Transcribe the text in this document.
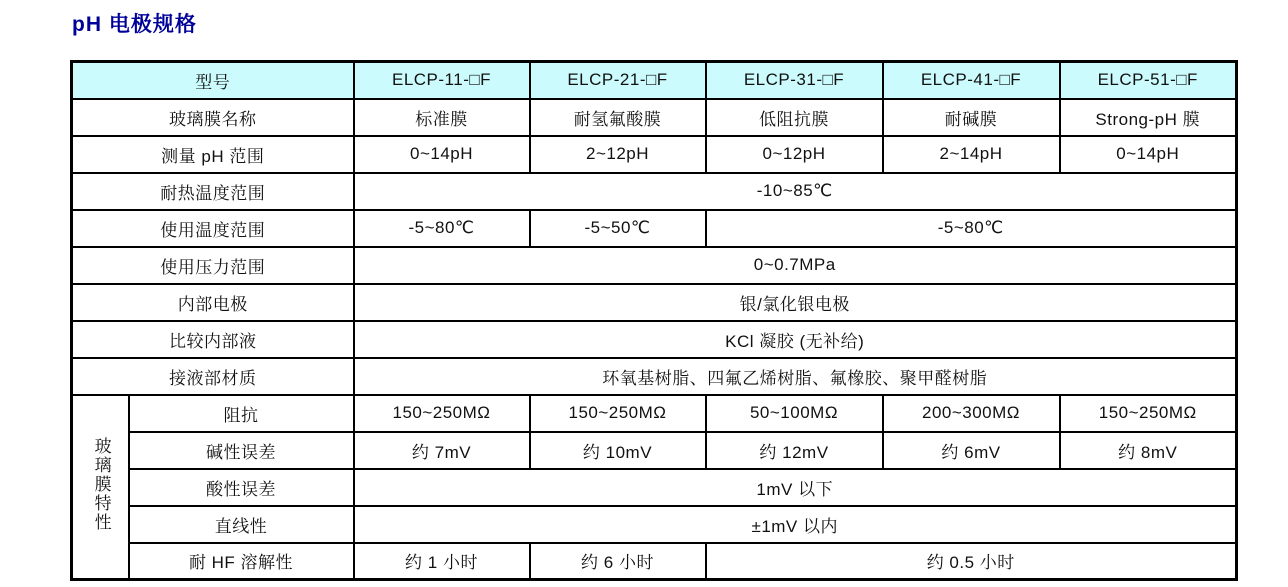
pH 电极规格
型号		ELCP-11-□F	ELCP-21-□F	ELCP-31-□F	ELCP-41-□F	ELCP-51-□F
玻璃膜名称		标准膜	耐氢氟酸膜	低阻抗膜	耐碱膜	Strong-pH 膜
测量 pH 范围		0~14pH	2~12pH	0~12pH	2~14pH	0~14pH
耐热温度范围		-10~85℃				
使用温度范围		-5~80℃	-5~50℃	-5~80℃		
使用压力范围		0~0.7MPa				
内部电极		银/氯化银电极				
比较内部液		KCl 凝胶 (无补给)				
接液部材质		环氧基树脂、四氟乙烯树脂、氟橡胶、聚甲醛树脂				
玻璃膜特性	阻抗	150~250MΩ	150~250MΩ	50~100MΩ	200~300MΩ	150~250MΩ
	碱性误差	约 7mV	约 10mV	约 12mV	约 6mV	约 8mV
	酸性误差	1mV 以下				
	直线性	±1mV 以内				
	耐 HF 溶解性	约 1 小时	约 6 小时	约 0.5 小时		
